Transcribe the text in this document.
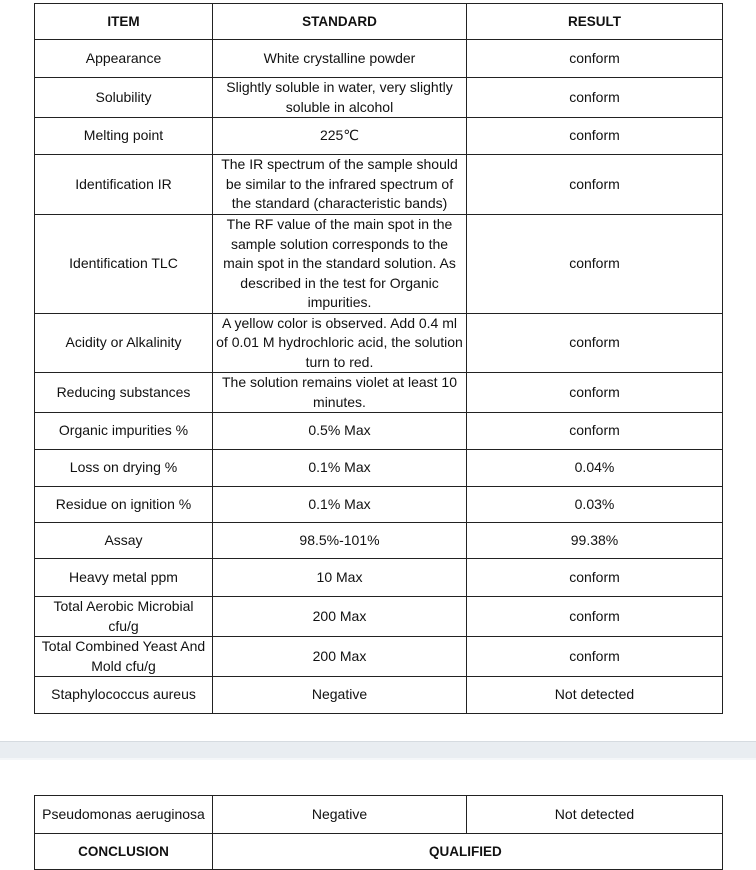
ITEM	STANDARD	RESULT
Appearance	White crystalline powder	conform
Solubility	Slightly soluble in water, very slightly soluble in alcohol	conform
Melting point	225℃	conform
Identification IR	The IR spectrum of the sample should be similar to the infrared spectrum of the standard (characteristic bands)	conform
Identification TLC	The RF value of the main spot in the sample solution corresponds to the main spot in the standard solution. As described in the test for Organic impurities.	conform
Acidity or Alkalinity	A yellow color is observed. Add 0.4 ml of 0.01 M hydrochloric acid, the solution turn to red.	conform
Reducing substances	The solution remains violet at least 10 minutes.	conform
Organic impurities %	0.5% Max	conform
Loss on drying %	0.1% Max	0.04%
Residue on ignition %	0.1% Max	0.03%
Assay	98.5%-101%	99.38%
Heavy metal ppm	10 Max	conform
Total Aerobic Microbial cfu/g	200 Max	conform
Total Combined Yeast And Mold cfu/g	200 Max	conform
Staphylococcus aureus	Negative	Not detected
Pseudomonas aeruginosa	Negative	Not detected
CONCLUSION	QUALIFIED	
